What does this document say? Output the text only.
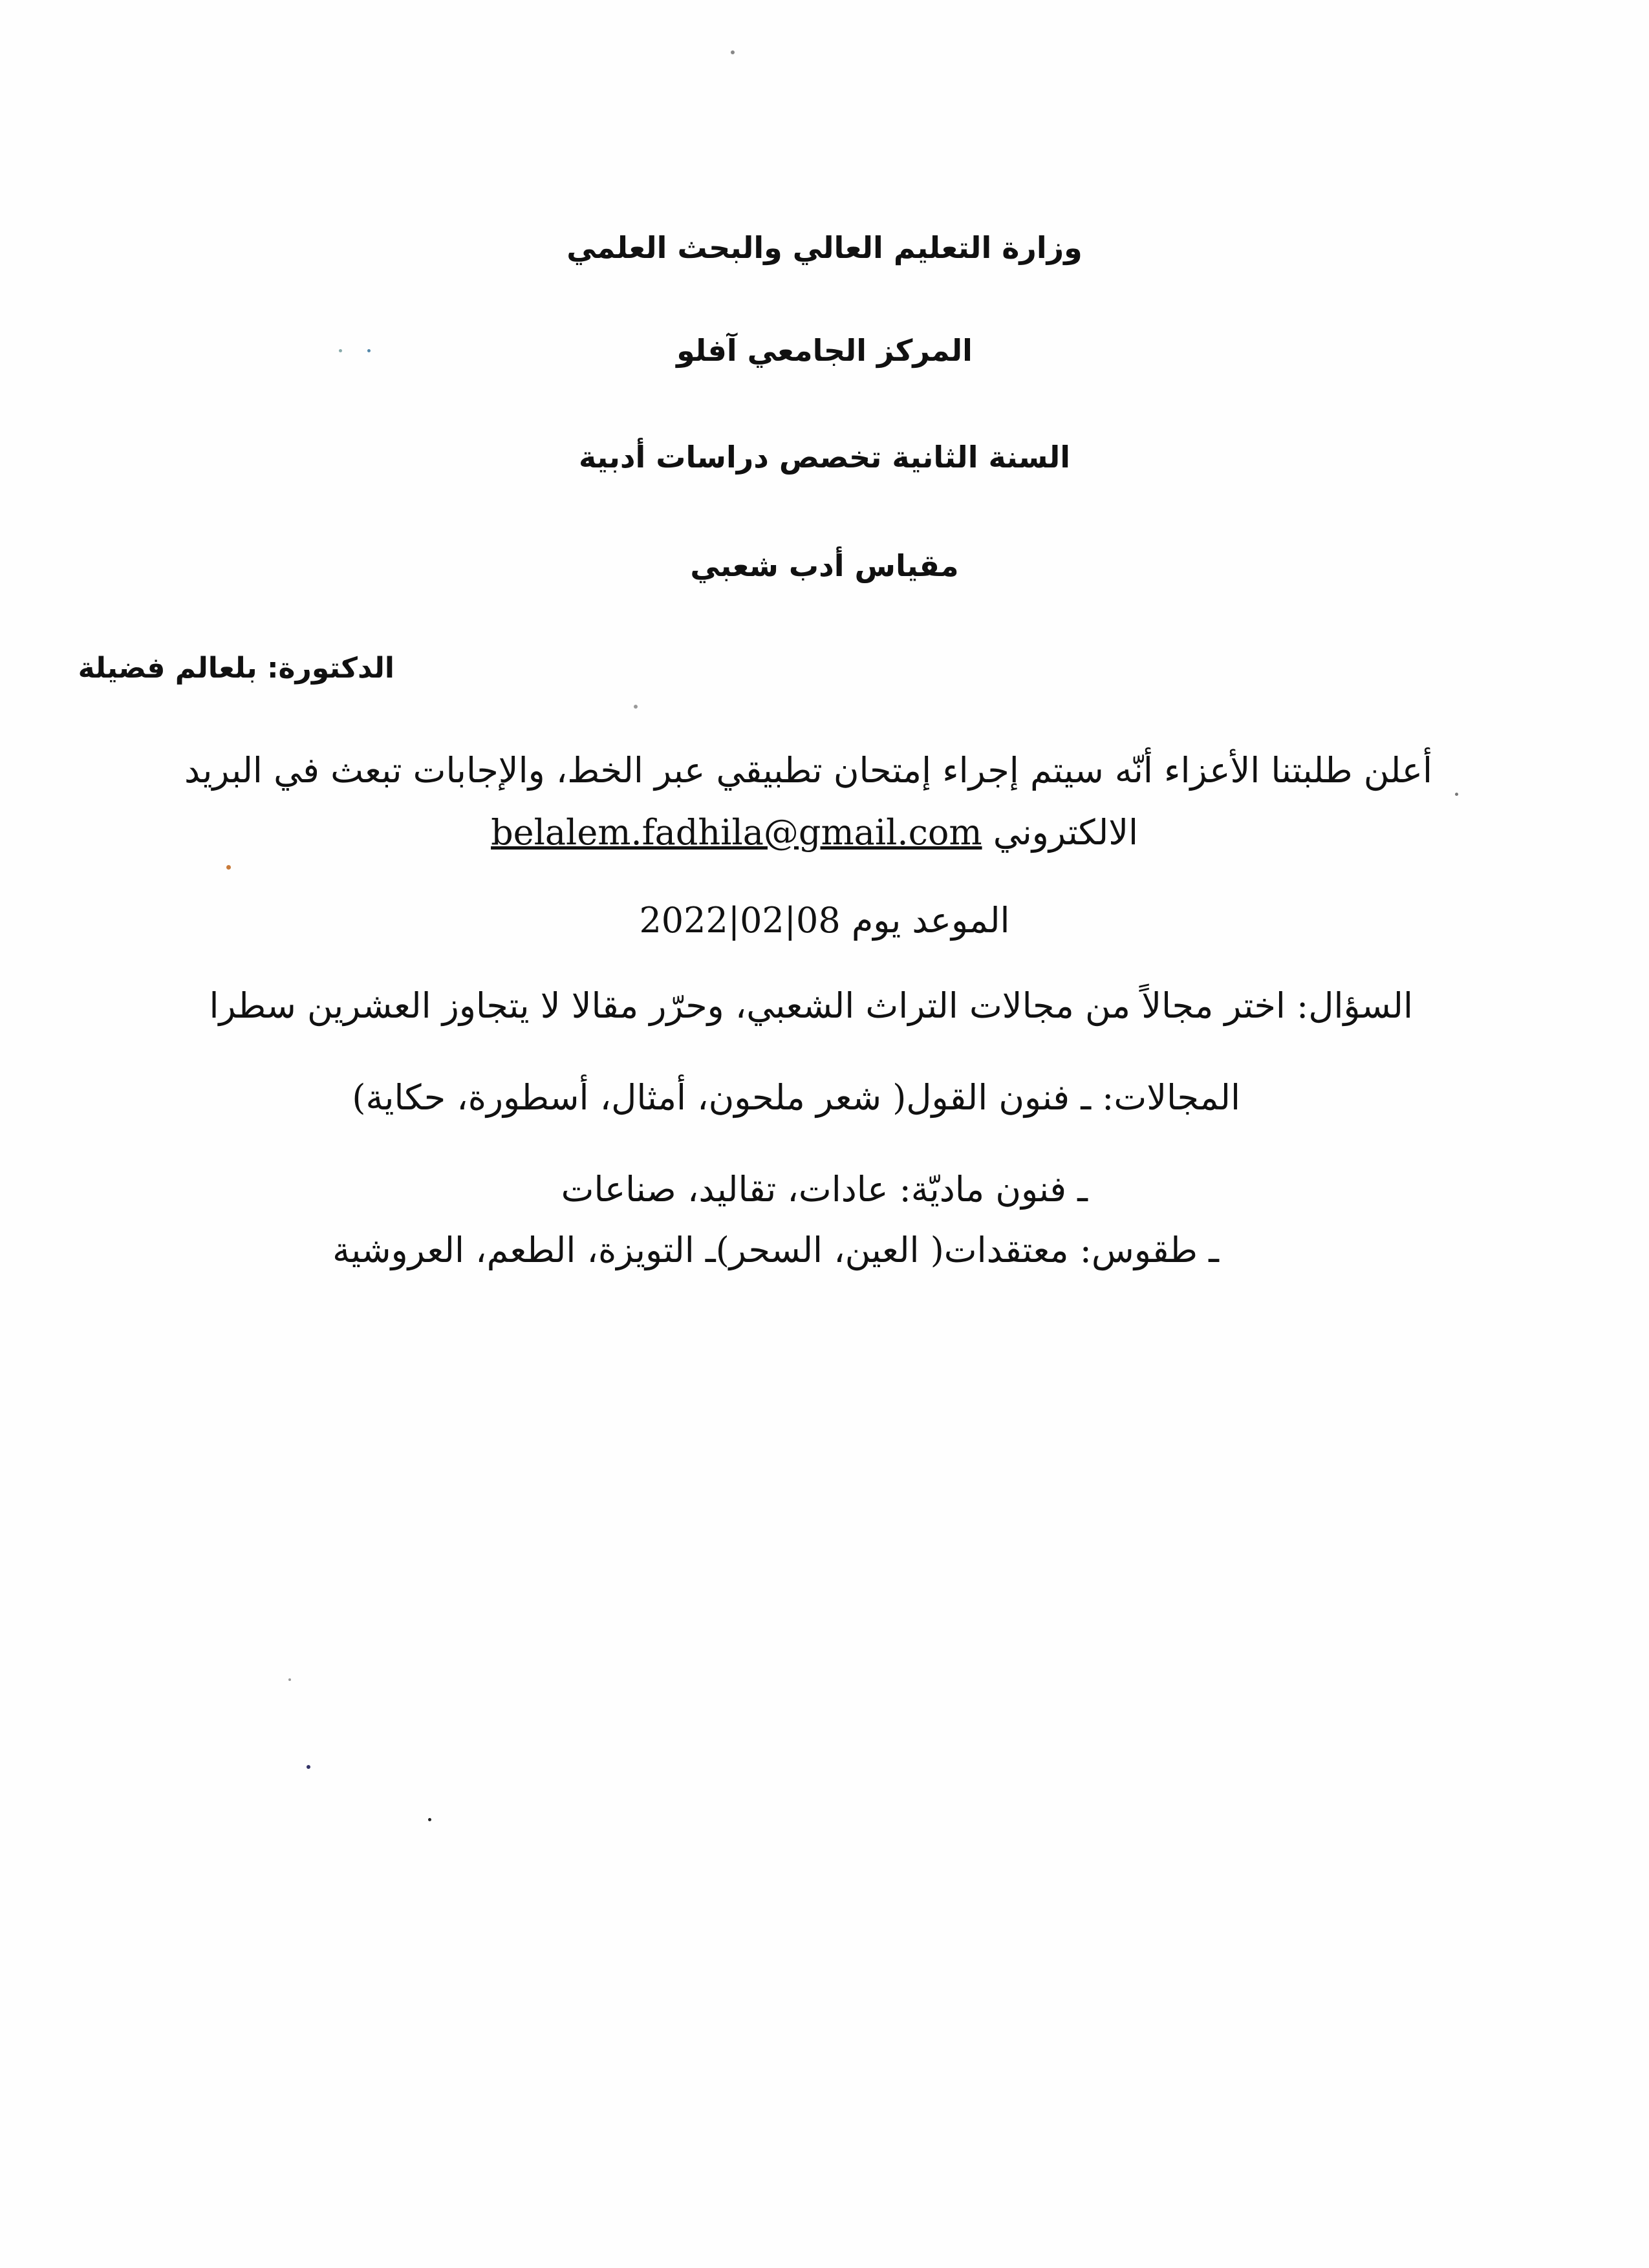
وزارة التعليم العالي والبحث العلمي
المركز الجامعي آفلو
السنة الثانية تخصص دراسات أدبية
مقياس أدب شعبي
الدكتورة: بلعالم فضيلة
أعلن طلبتنا الأعزاء أنّه سيتم إجراء إمتحان تطبيقي عبر الخط، والإجابات تبعث في البريد
الالكتروني belalem.fadhila@gmail.com
الموعد يوم 2022|02|08
السؤال: اختر مجالاً من مجالات التراث الشعبي، وحرّر مقالا لا يتجاوز العشرين سطرا
المجالات: ـ فنون القول( شعر ملحون، أمثال، أسطورة، حكاية)
ـ فنون ماديّة: عادات، تقاليد، صناعات
ـ طقوس: معتقدات( العين، السحر)ـ التويزة، الطعم، العروشية
